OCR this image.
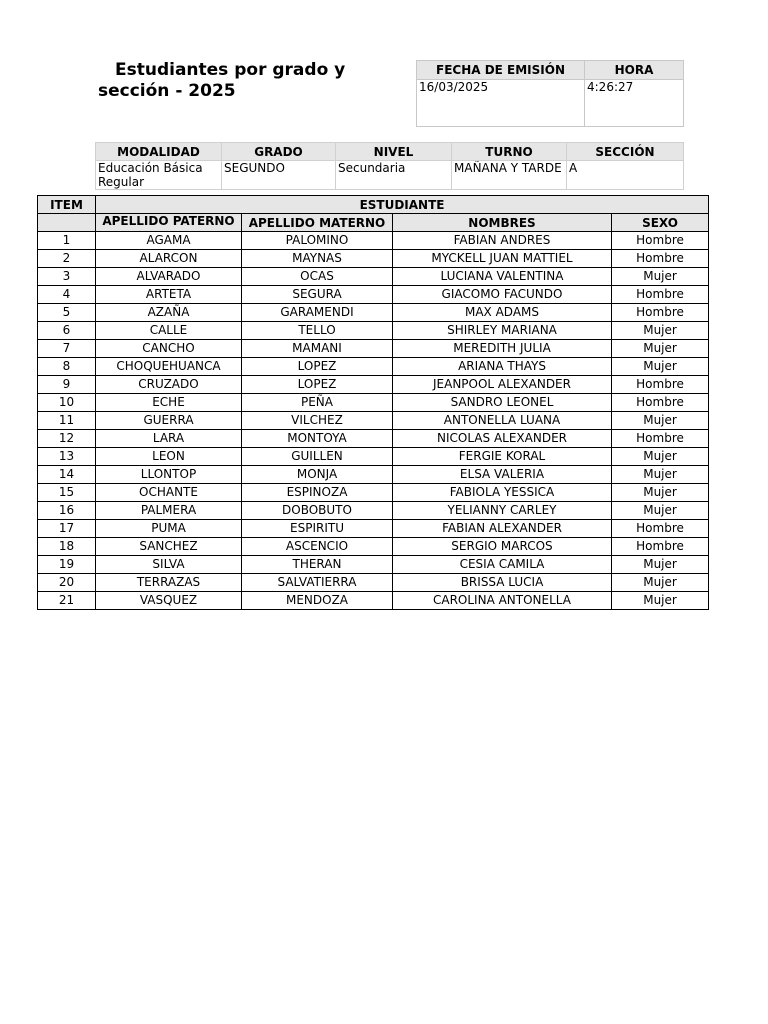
Estudiantes por grado y
sección - 2025
FECHA DE EMISIÓN	HORA
16/03/2025	4:26:27
MODALIDAD	GRADO	NIVEL	TURNO	SECCIÓN
Educación Básica Regular	SEGUNDO	Secundaria	MAÑANA Y TARDE	A
ITEM	ESTUDIANTE			

	APELLIDO PATERNO	APELLIDO MATERNO	NOMBRES	SEXO
1	AGAMA	PALOMINO	FABIAN ANDRES	Hombre
2	ALARCON	MAYNAS	MYCKELL JUAN MATTIEL	Hombre
3	ALVARADO	OCAS	LUCIANA VALENTINA	Mujer
4	ARTETA	SEGURA	GIACOMO FACUNDO	Hombre
5	AZAÑA	GARAMENDI	MAX ADAMS	Hombre
6	CALLE	TELLO	SHIRLEY MARIANA	Mujer
7	CANCHO	MAMANI	MEREDITH JULIA	Mujer
8	CHOQUEHUANCA	LOPEZ	ARIANA THAYS	Mujer
9	CRUZADO	LOPEZ	JEANPOOL ALEXANDER	Hombre
10	ECHE	PEÑA	SANDRO LEONEL	Hombre
11	GUERRA	VILCHEZ	ANTONELLA LUANA	Mujer
12	LARA	MONTOYA	NICOLAS ALEXANDER	Hombre
13	LEON	GUILLEN	FERGIE KORAL	Mujer
14	LLONTOP	MONJA	ELSA VALERIA	Mujer
15	OCHANTE	ESPINOZA	FABIOLA YESSICA	Mujer
16	PALMERA	DOBOBUTO	YELIANNY CARLEY	Mujer
17	PUMA	ESPIRITU	FABIAN ALEXANDER	Hombre
18	SANCHEZ	ASCENCIO	SERGIO MARCOS	Hombre
19	SILVA	THERAN	CESIA CAMILA	Mujer
20	TERRAZAS	SALVATIERRA	BRISSA LUCIA	Mujer
21	VASQUEZ	MENDOZA	CAROLINA ANTONELLA	Mujer
